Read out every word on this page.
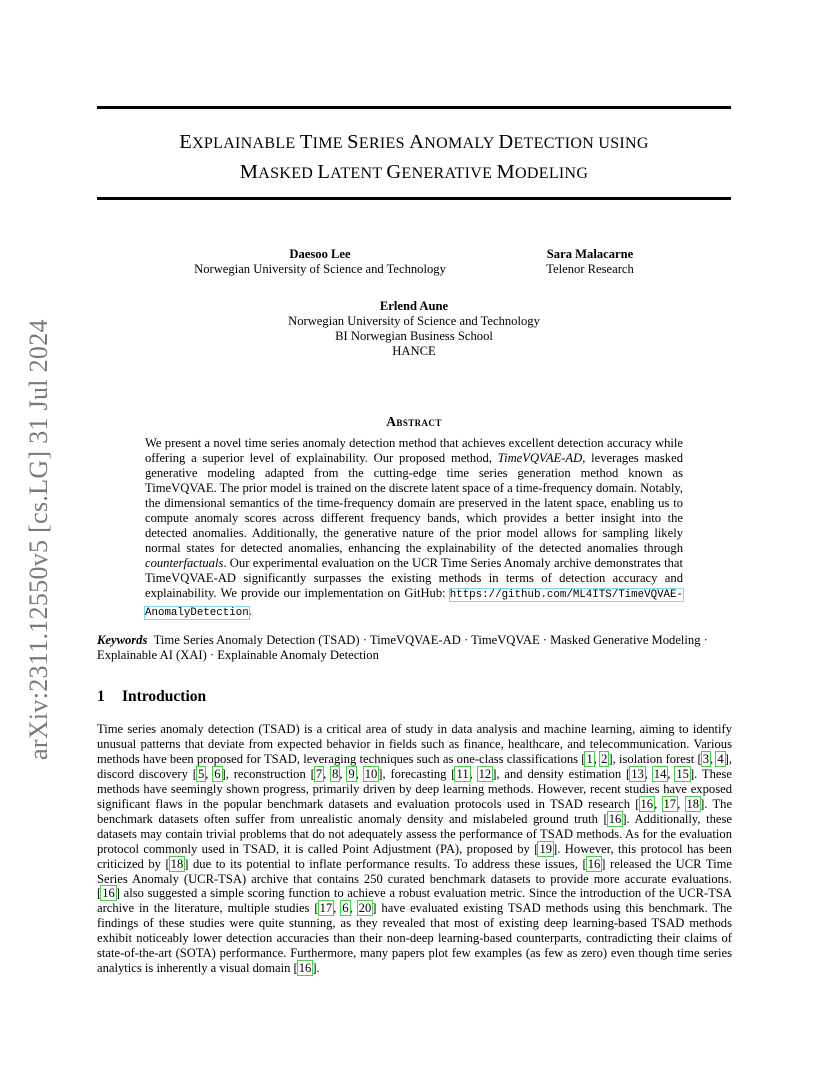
arXiv:2311.12550v5 [cs.LG] 31 Jul 2024
EXPLAINABLE TIME SERIES ANOMALY DETECTION USING
MASKED LATENT GENERATIVE MODELING
Daesoo Lee
Norwegian University of Science and Technology
Sara Malacarne
Telenor Research
Erlend Aune
Norwegian University of Science and Technology
BI Norwegian Business School
HANCE
Abstract
We present a novel time series anomaly detection method that achieves excellent detection accuracy while offering a superior level of explainability. Our proposed method, TimeVQVAE-AD, leverages masked generative modeling adapted from the cutting-edge time series generation method known as TimeVQVAE. The prior model is trained on the discrete latent space of a time-frequency domain. Notably, the dimensional semantics of the time-frequency domain are preserved in the latent space, enabling us to compute anomaly scores across different frequency bands, which provides a better insight into the detected anomalies. Additionally, the generative nature of the prior model allows for sampling likely normal states for detected anomalies, enhancing the explainability of the detected anomalies through counterfactuals. Our experimental evaluation on the UCR Time Series Anomaly archive demonstrates that TimeVQVAE-AD significantly surpasses the existing methods in terms of detection accuracy and explainability. We provide our implementation on GitHub: https://github.com/ML4ITS/TimeVQVAE-AnomalyDetection.
Keywords Time Series Anomaly Detection (TSAD) · TimeVQVAE-AD · TimeVQVAE · Masked Generative Modeling · Explainable AI (XAI) · Explainable Anomaly Detection
1 Introduction
Time series anomaly detection (TSAD) is a critical area of study in data analysis and machine learning, aiming to identify unusual patterns that deviate from expected behavior in fields such as finance, healthcare, and telecommunication. Various methods have been proposed for TSAD, leveraging techniques such as one-class classifications [1, 2], isolation forest [3, 4], discord discovery [5, 6], reconstruction [7, 8, 9, 10], forecasting [11, 12], and density estimation [13, 14, 15]. These methods have seemingly shown progress, primarily driven by deep learning methods. However, recent studies have exposed significant flaws in the popular benchmark datasets and evaluation protocols used in TSAD research [16, 17, 18]. The benchmark datasets often suffer from unrealistic anomaly density and mislabeled ground truth [16]. Additionally, these datasets may contain trivial problems that do not adequately assess the performance of TSAD methods. As for the evaluation protocol commonly used in TSAD, it is called Point Adjustment (PA), proposed by [19]. However, this protocol has been criticized by [18] due to its potential to inflate performance results. To address these issues, [16] released the UCR Time Series Anomaly (UCR-TSA) archive that contains 250 curated benchmark datasets to provide more accurate evaluations. [16] also suggested a simple scoring function to achieve a robust evaluation metric. Since the introduction of the UCR-TSA archive in the literature, multiple studies [17, 6, 20] have evaluated existing TSAD methods using this benchmark. The findings of these studies were quite stunning, as they revealed that most of existing deep learning-based TSAD methods exhibit noticeably lower detection accuracies than their non-deep learning-based counterparts, contradicting their claims of state-of-the-art (SOTA) performance. Furthermore, many papers plot few examples (as few as zero) even though time series analytics is inherently a visual domain [16].
